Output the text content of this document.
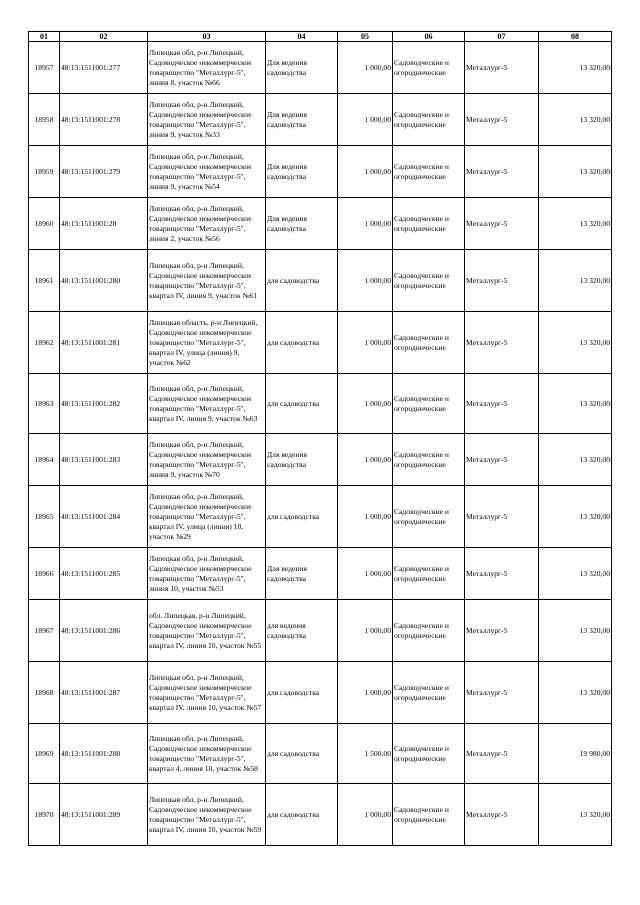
01	02	03	04	05	06	07	08
18957	48:13:1511001:277	Липецкая обл, р-н Липецкий, Садоводческое некоммерческое товарищество "Металлург-5", линия 8, участок №66	Для ведения садоводства	1 000,00	Садоводческие и огороднические	Металлург-5	13 320,00
18958	48:13:1511001:278	Липецкая обл, р-н Липецкий, Садоводческое некоммерческое товарищество "Металлург-5", линия 9, участок №33	Для ведения садоводства	1 000,00	Садоводческие и огороднические	Металлург-5	13 320,00
18959	48:13:1511001:279	Липецкая обл, р-н Липецкий, Садоводческое некоммерческое товарищество "Металлург-5", линия 9, участок №54	Для ведения садоводства	1 000,00	Садоводческие и огороднические	Металлург-5	13 320,00
18960	48:13:1511001:28	Липецкая обл, р-н Липецкий, Садоводческое некоммерческое товарищество "Металлург-5", линия 2, участок №56	Для ведения садоводства	1 000,00	Садоводческие и огороднические	Металлург-5	13 320,00
18961	48:13:1511001:280	Липецкая обл, р-н Липецкий, Садоводческое некоммерческое товарищество "Металлург-5", квартал IV, линия 9, участок №61	для садоводства	1 000,00	Садоводческие и огороднические	Металлург-5	13 320,00
18962	48:13:1511001:281	Липецкая область, р-н Липецкий, Садоводческое некоммерческое товарищество "Металлург-5", квартал IV, улица (линия) 9, участок №62	для садоводства	1 000,00	Садоводческие и огороднические	Металлург-5	13 320,00
18963	48:13:1511001:282	Липецкая обл, р-н Липецкий, Садоводческое некоммерческое товарищество "Металлург-5", квартал IV, линия 9, участок №63	для садоводства	1 000,00	Садоводческие и огороднические	Металлург-5	13 320,00
18964	48:13:1511001:283	Липецкая обл, р-н Липецкий, Садоводческое некоммерческое товарищество "Металлург-5", линия 9, участок №70	Для ведения садоводства	1 000,00	Садоводческие и огороднические	Металлург-5	13 320,00
18965	48:13:1511001:284	Липецкая обл, р-н Липецкий, Садоводческое некоммерческое товарищество "Металлург-5", квартал IV, улица (линия) 10, участок №29	для садоводства	1 000,00	Садоводческие и огороднические	Металлург-5	13 320,00
18966	48:13:1511001:285	Липецкая обл, р-н Липецкий, Садоводческое некоммерческое товарищество "Металлург-5", линия 10, участок №53	Для ведения садоводства	1 000,00	Садоводческие и огороднические	Металлург-5	13 320,00
18967	48:13:1511001:286	обл. Липецкая, р-н Липецкий, Садоводческое некоммерческое товарищество "Металлург-5", квартал IV, линия 10, участок №55	для ведения садоводства	1 000,00	Садоводческие и огороднические	Металлург-5	13 320,00
18968	48:13:1511001:287	Липецкая обл, р-н Липецкий, Садоводческое некоммерческое товарищество "Металлург-5", квартал IV, линия 10, участок №57	для садоводства	1 000,00	Садоводческие и огороднические	Металлург-5	13 320,00
18969	48:13:1511001:288	Липецкая обл, р-н Липецкий, Садоводческое некоммерческое товарищество "Металлург-5", квартал 4, линия 10, участок №58	для садоводства	1 500,00	Садоводческие и огороднические	Металлург-5	19 980,00
18970	48:13:1511001:289	Липецкая обл, р-н Липецкий, Садоводческое некоммерческое товарищество "Металлург-5", квартал IV, линия 10, участок №59	для садоводства	1 000,00	Садоводческие и огороднические	Металлург-5	13 320,00
